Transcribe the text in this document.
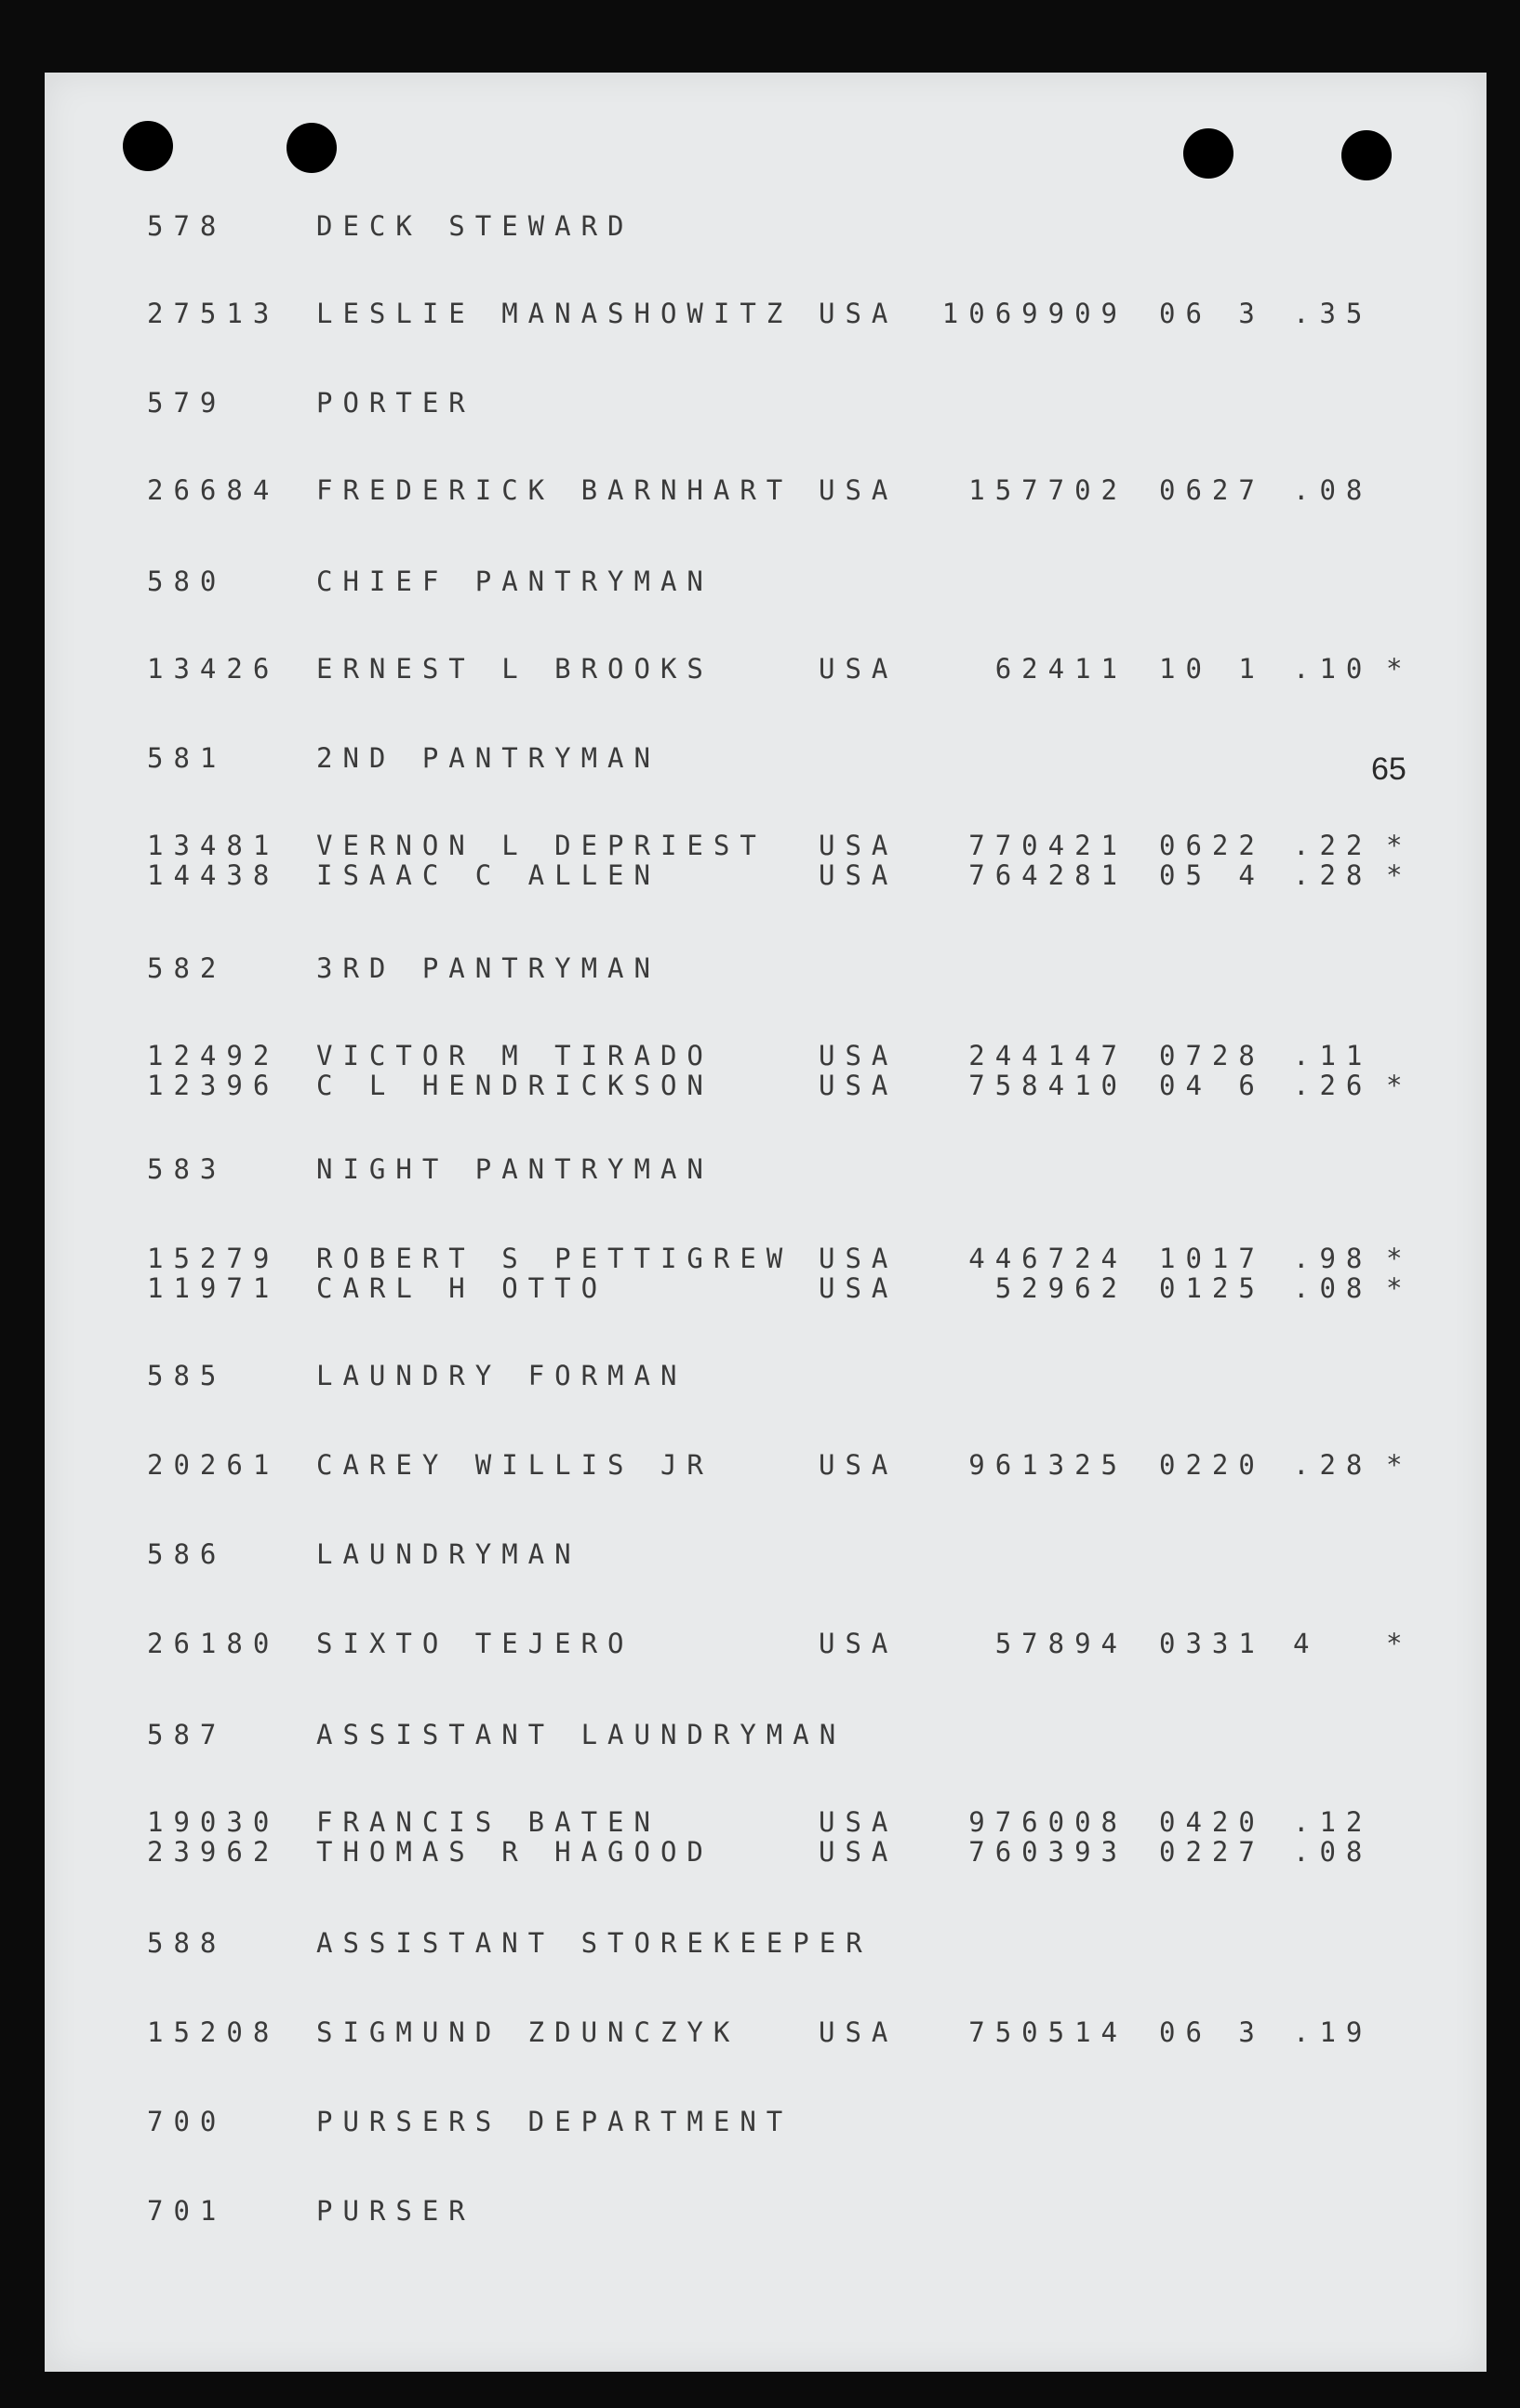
65
578	DECK STEWARD
27513 LESLIE MANASHOWITZ USA 1069909 06 3 .35
579	PORTER
26684 FREDERICK BARNHART USA	157702 0627 .08
580	CHIEF PANTRYMAN
13426 ERNEST L BROOKS	USA	62411 10 1 .10 *
581	2ND PANTRYMAN
13481 VERNON L DEPRIEST USA	770421 0622 .22 *
14438 ISAAC C ALLEN	USA	764281 05 4 .28 *
582	3RD PANTRYMAN
12492 VICTOR M TIRADO	USA	244147 0728 .11
12396 C L HENDRICKSON	USA	758410 04 6 .26 *
583	NIGHT PANTRYMAN
15279 ROBERT S PETTIGREW USA	446724 1017 .98 *
11971 CARL H OTTO	USA	52962 0125 .08 *
585	LAUNDRY FORMAN
20261 CAREY WILLIS JR	USA	961325 0220 .28 *
586	LAUNDRYMAN
26180 SIXTO TEJERO	USA	57894 0331 4 *
587	ASSISTANT LAUNDRYMAN
19030 FRANCIS BATEN	USA	976008 0420 .12
23962 THOMAS R HAGOOD	USA	760393 0227 .08
588	ASSISTANT STOREKEEPER
15208 SIGMUND ZDUNCZYK	USA	750514 06 3 .19
700	PURSERS DEPARTMENT
701	PURSER
